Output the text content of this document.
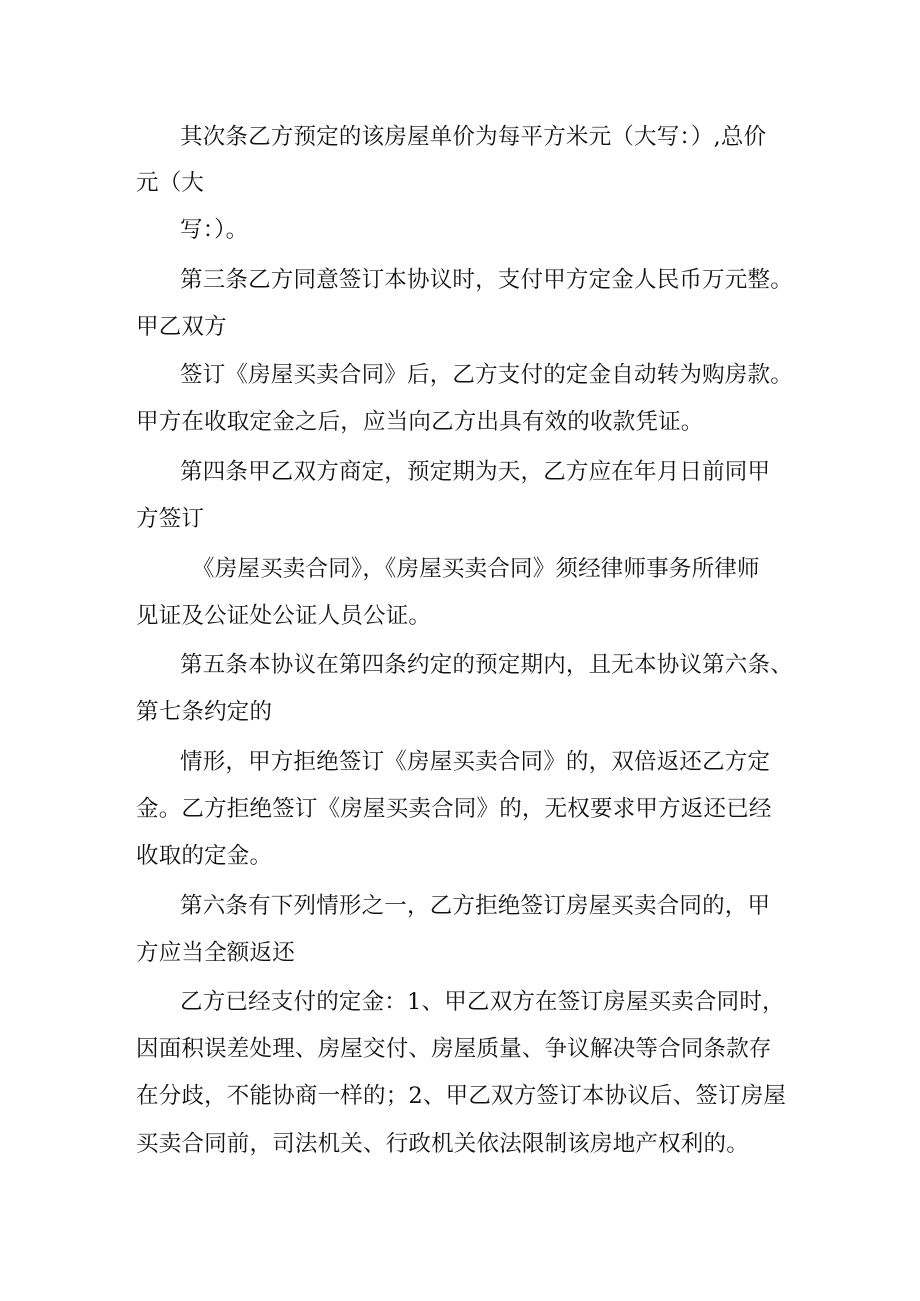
其次条乙方预定的该房屋单价为每平方米元（大写：）,总价
元（大
写：）。
第三条乙方同意签订本协议时，支付甲方定金人民币万元整。
甲乙双方
签订《房屋买卖合同》后，乙方支付的定金自动转为购房款。
甲方在收取定金之后，应当向乙方出具有效的收款凭证。
第四条甲乙双方商定，预定期为天，乙方应在年月日前同甲
方签订
《房屋买卖合同》，《房屋买卖合同》须经律师事务所律师
见证及公证处公证人员公证。
第五条本协议在第四条约定的预定期内，且无本协议第六条、
第七条约定的
情形，甲方拒绝签订《房屋买卖合同》的，双倍返还乙方定
金。乙方拒绝签订《房屋买卖合同》的，无权要求甲方返还已经
收取的定金。
第六条有下列情形之一，乙方拒绝签订房屋买卖合同的，甲
方应当全额返还
乙方已经支付的定金：1、甲乙双方在签订房屋买卖合同时，
因面积误差处理、房屋交付、房屋质量、争议解决等合同条款存
在分歧，不能协商一样的；2、甲乙双方签订本协议后、签订房屋
买卖合同前，司法机关、行政机关依法限制该房地产权利的。
